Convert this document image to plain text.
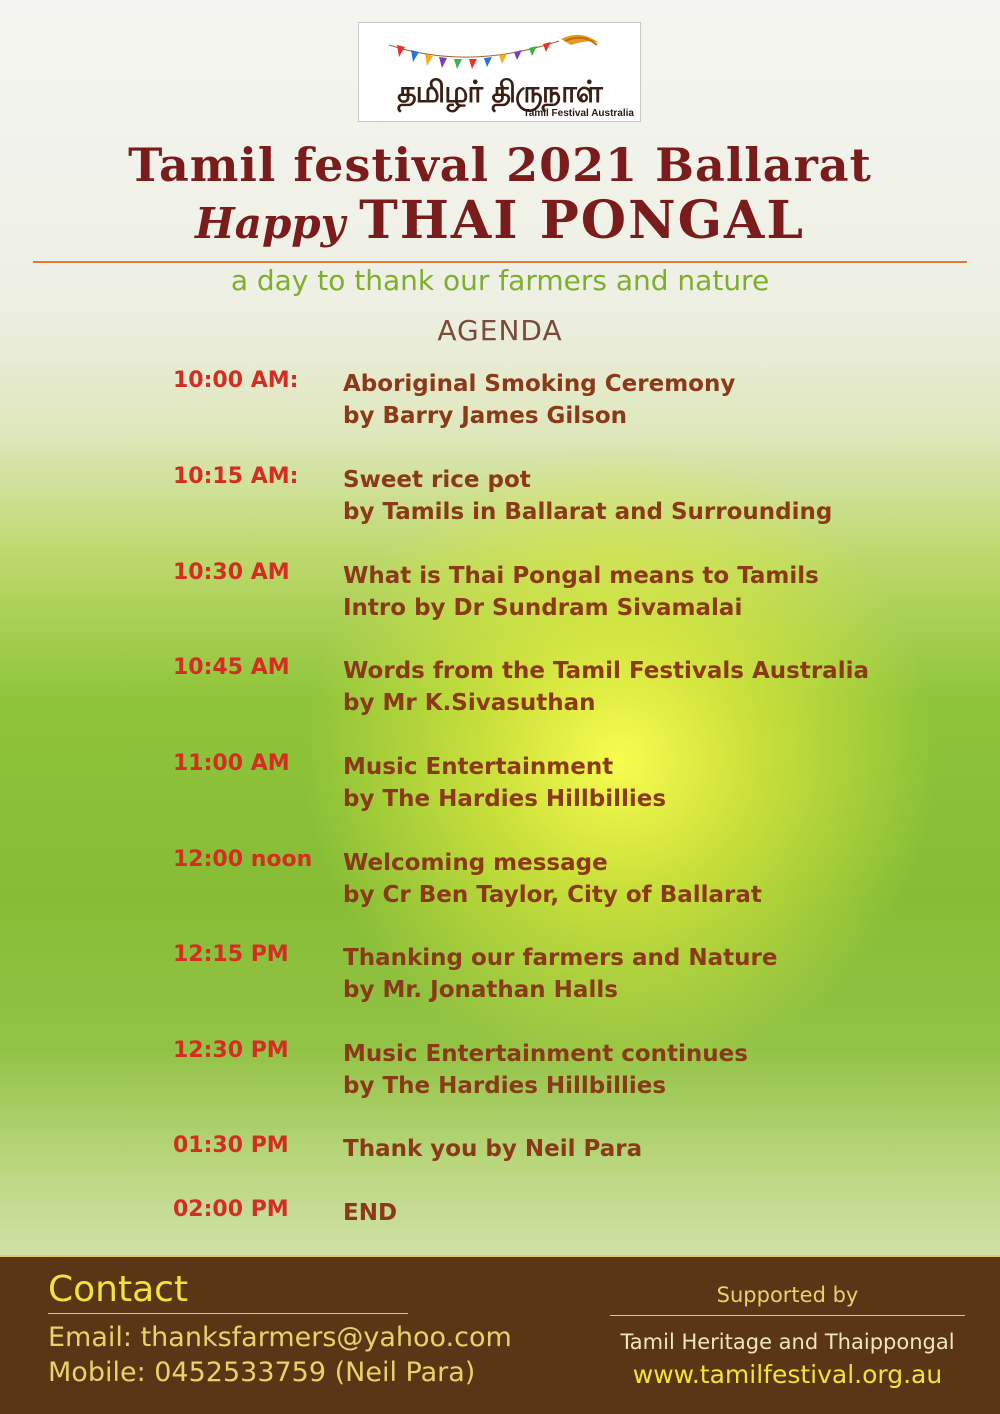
தமிழர் திருநாள்
Tamil Festival Australia
Tamil festival 2021 Ballarat
Happy THAI PONGAL
a day to thank our farmers and nature
AGENDA
10:00 AM: Aboriginal Smoking Ceremony
by Barry James Gilson
10:15 AM: Sweet rice pot
by Tamils in Ballarat and Surrounding
10:30 AM What is Thai Pongal means to Tamils
Intro by Dr Sundram Sivamalai
10:45 AM Words from the Tamil Festivals Australia
by Mr K.Sivasuthan
11:00 AM Music Entertainment
by The Hardies Hillbillies
12:00 noon Welcoming message
by Cr Ben Taylor, City of Ballarat
12:15 PM Thanking our farmers and Nature
by Mr. Jonathan Halls
12:30 PM Music Entertainment continues
by The Hardies Hillbillies
01:30 PM Thank you by Neil Para
02:00 PM END
Contact
Email: thanksfarmers@yahoo.com
Mobile: 0452533759 (Neil Para)
Supported by
Tamil Heritage and Thaippongal
www.tamilfestival.org.au
